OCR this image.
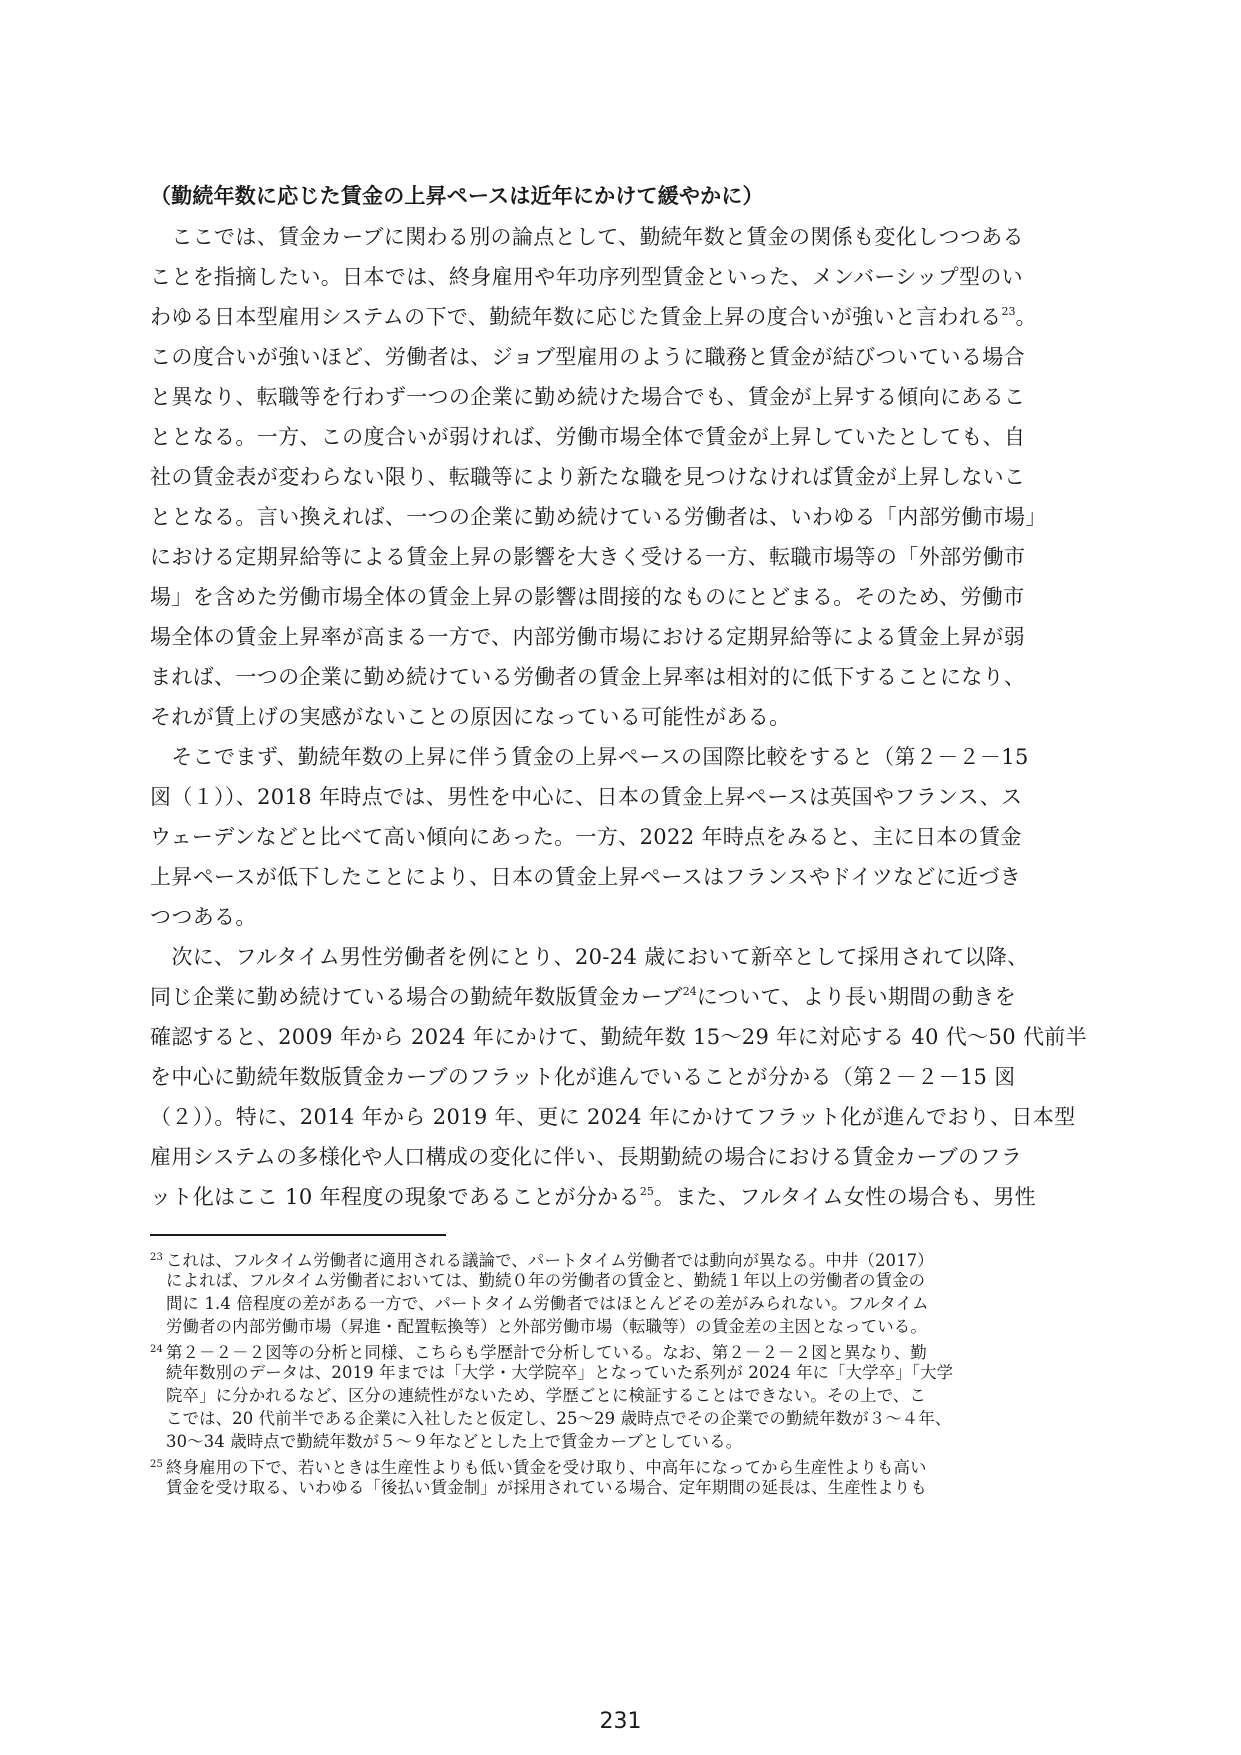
（勤続年数に応じた賃金の上昇ペースは近年にかけて緩やかに）

　ここでは、賃金カーブに関わる別の論点として、勤続年数と賃金の関係も変化しつつある

ことを指摘したい。日本では、終身雇用や年功序列型賃金といった、メンバーシップ型のい

わゆる日本型雇用システムの下で、勤続年数に応じた賃金上昇の度合いが強いと言われる$^{23}$。

この度合いが強いほど、労働者は、ジョブ型雇用のように職務と賃金が結びついている場合

と異なり、転職等を行わず一つの企業に勤め続けた場合でも、賃金が上昇する傾向にあるこ

ととなる。一方、この度合いが弱ければ、労働市場全体で賃金が上昇していたとしても、自

社の賃金表が変わらない限り、転職等により新たな職を見つけなければ賃金が上昇しないこ

ととなる。言い換えれば、一つの企業に勤め続けている労働者は、いわゆる「内部労働市場」

における定期昇給等による賃金上昇の影響を大きく受ける一方、転職市場等の「外部労働市

場」を含めた労働市場全体の賃金上昇の影響は間接的なものにとどまる。そのため、労働市

場全体の賃金上昇率が高まる一方で、内部労働市場における定期昇給等による賃金上昇が弱

まれば、一つの企業に勤め続けている労働者の賃金上昇率は相対的に低下することになり、

それが賃上げの実感がないことの原因になっている可能性がある。

　そこでまず、勤続年数の上昇に伴う賃金の上昇ペースの国際比較をすると（第２－２－15

図（１））、2018 年時点では、男性を中心に、日本の賃金上昇ペースは英国やフランス、ス

ウェーデンなどと比べて高い傾向にあった。一方、2022 年時点をみると、主に日本の賃金

上昇ペースが低下したことにより、日本の賃金上昇ペースはフランスやドイツなどに近づき

つつある。

　次に、フルタイム男性労働者を例にとり、20-24 歳において新卒として採用されて以降、

同じ企業に勤め続けている場合の勤続年数版賃金カーブ$^{24}$について、より長い期間の動きを

確認すると、2009 年から 2024 年にかけて、勤続年数 15～29 年に対応する 40 代～50 代前半

を中心に勤続年数版賃金カーブのフラット化が進んでいることが分かる（第２－２－15 図

（２））。特に、2014 年から 2019 年、更に 2024 年にかけてフラット化が進んでおり、日本型

雇用システムの多様化や人口構成の変化に伴い、長期勤続の場合における賃金カーブのフラ

ット化はここ 10 年程度の現象であることが分かる$^{25}$。また、フルタイム女性の場合も、男性

23 これは、フルタイム労働者に適用される議論で、パートタイム労働者では動向が異なる。中井（2017）

によれば、フルタイム労働者においては、勤続０年の労働者の賃金と、勤続１年以上の労働者の賃金の

間に 1.4 倍程度の差がある一方で、パートタイム労働者ではほとんどその差がみられない。フルタイム

労働者の内部労働市場（昇進・配置転換等）と外部労働市場（転職等）の賃金差の主因となっている。

24 第２－２－２図等の分析と同様、こちらも学歴計で分析している。なお、第２－２－２図と異なり、勤

続年数別のデータは、2019 年までは「大学・大学院卒」となっていた系列が 2024 年に「大学卒」「大学

院卒」に分かれるなど、区分の連続性がないため、学歴ごとに検証することはできない。その上で、こ

こでは、20 代前半である企業に入社したと仮定し、25～29 歳時点でその企業での勤続年数が３～４年、

30～34 歳時点で勤続年数が５～９年などとした上で賃金カーブとしている。

25 終身雇用の下で、若いときは生産性よりも低い賃金を受け取り、中高年になってから生産性よりも高い

賃金を受け取る、いわゆる「後払い賃金制」が採用されている場合、定年期間の延長は、生産性よりも

231
